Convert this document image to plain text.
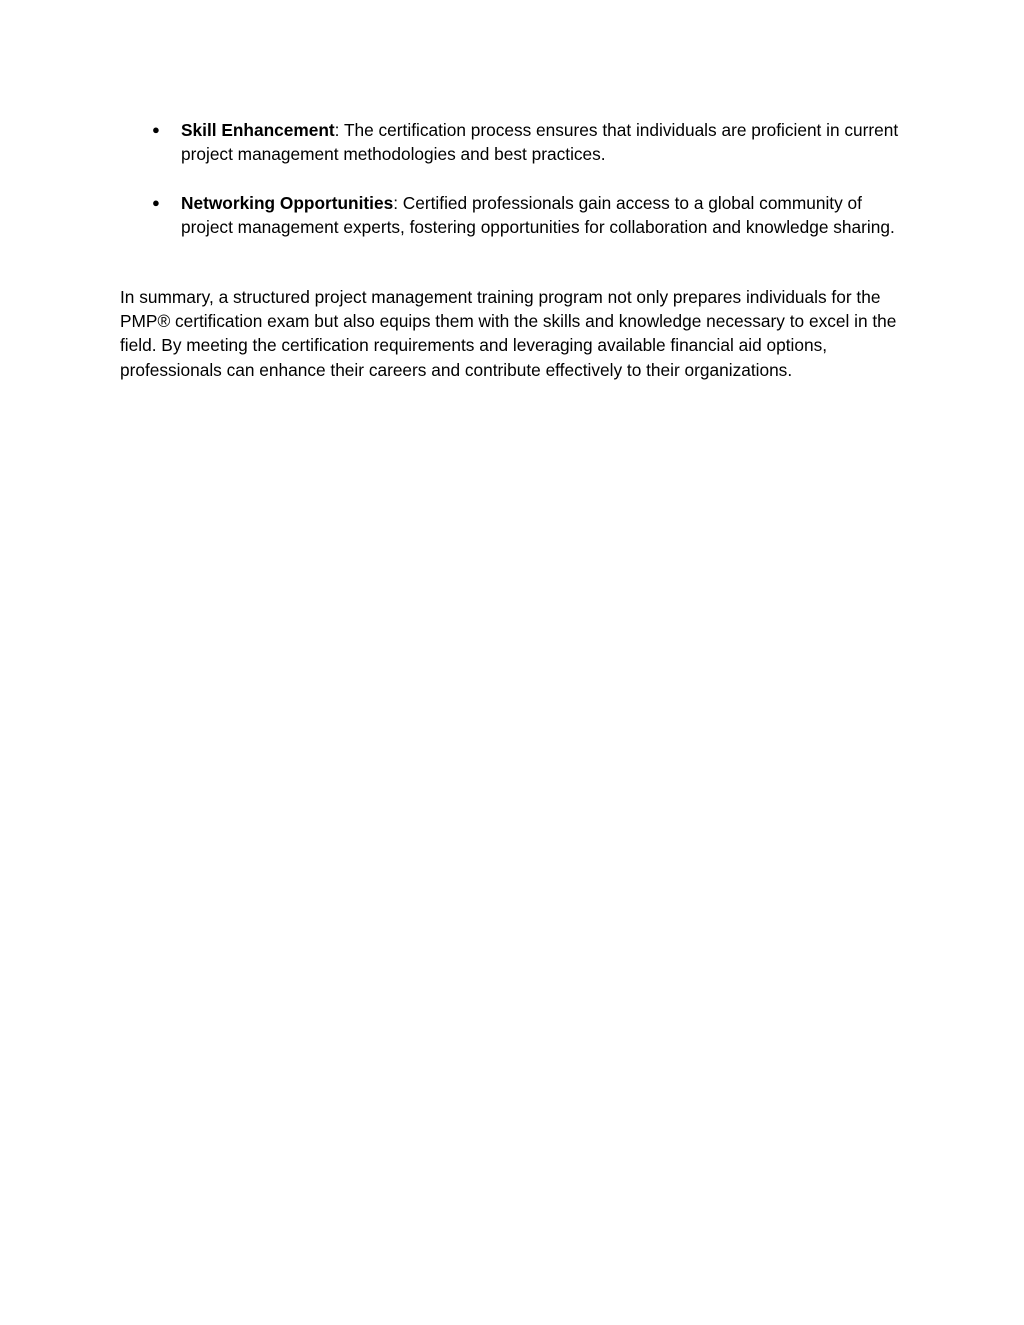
● Skill Enhancement: The certification process ensures that individuals are proficient in current project management methodologies and best practices.
● Networking Opportunities: Certified professionals gain access to a global community of project management experts, fostering opportunities for collaboration and knowledge sharing.

In summary, a structured project management training program not only prepares individuals for the PMP® certification exam but also equips them with the skills and knowledge necessary to excel in the field. By meeting the certification requirements and leveraging available financial aid options, professionals can enhance their careers and contribute effectively to their organizations.
